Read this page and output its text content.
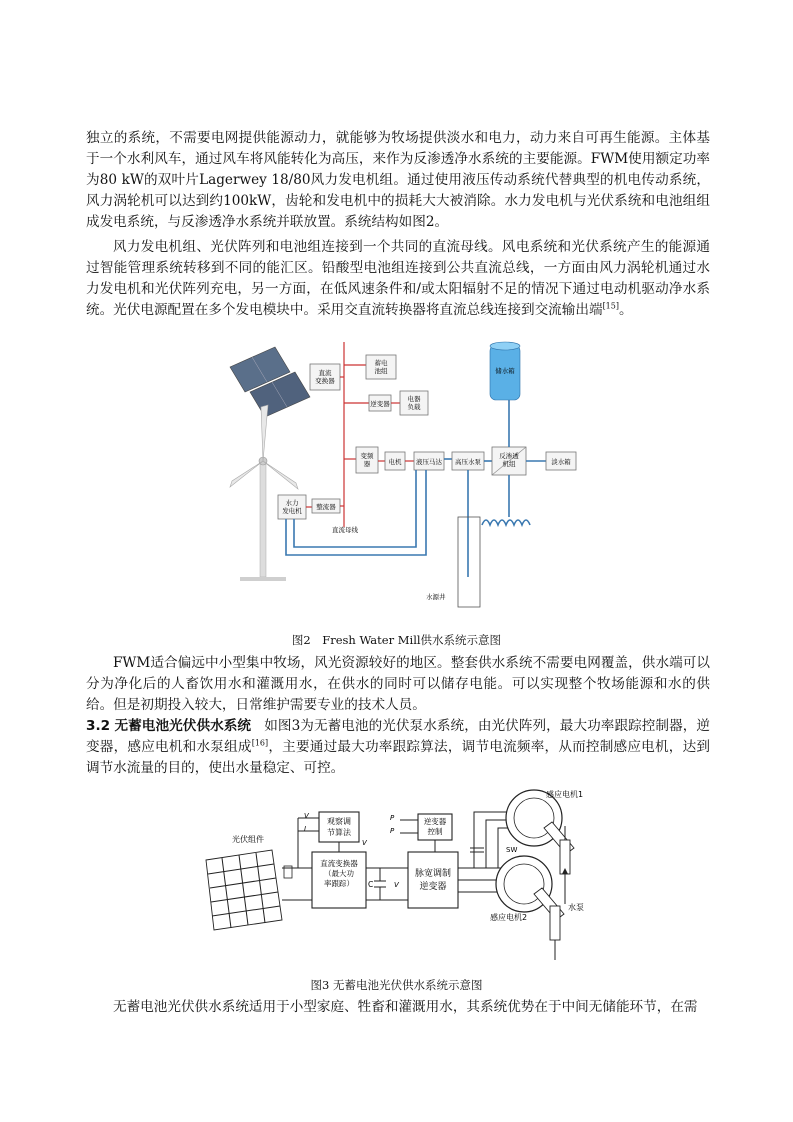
独立的系统，不需要电网提供能源动力，就能够为牧场提供淡水和电力，动力来自可再生能源。主体基于一个水利风车，通过风车将风能转化为高压，来作为反渗透净水系统的主要能源。FWM使用额定功率为80 kW的双叶片Lagerwey 18/80风力发电机组。通过使用液压传动系统代替典型的机电传动系统，风力涡轮机可以达到约100kW，齿轮和发电机中的损耗大大被消除。水力发电机与光伏系统和电池组组成发电系统，与反渗透净水系统并联放置。系统结构如图2。

风力发电机组、光伏阵列和电池组连接到一个共同的直流母线。风电系统和光伏系统产生的能源通过智能管理系统转移到不同的能汇区。铅酸型电池组连接到公共直流总线，一方面由风力涡轮机通过水力发电机和光伏阵列充电，另一方面，在低风速条件和/或太阳辐射不足的情况下通过电动机驱动净水系统。光伏电源配置在多个发电模块中。采用交直流转换器将直流总线连接到交流输出端[15]。

直流变换器
蓄电池组
逆变器
电器负载
变频器	电机 液压马达 高压水泵
反渗透机组	淡水箱
储水箱
水力发电机 整流器
直流母线
水源井
图2　Fresh Water Mill供水系统示意图

FWM适合偏远中小型集中牧场，风光资源较好的地区。整套供水系统不需要电网覆盖，供水端可以分为净化后的人畜饮用水和灌溉用水，在供水的同时可以储存电能。可以实现整个牧场能源和水的供给。但是初期投入较大，日常维护需要专业的技术人员。

3.2 无蓄电池光伏供水系统 如图3为无蓄电池的光伏泵水系统，由光伏阵列，最大功率跟踪控制器，逆变器，感应电机和水泵组成[16]，主要通过最大功率跟踪算法，调节电流频率，从而控制感应电机，达到调节水流量的目的，使出水量稳定、可控。

光伏组件
观察调节算法
V
I
V
直流变换器（最大功率跟踪）	C	V
脉宽调制逆变器
逆变器控制
P
P
SW
感应电机1
感应电机2
水泵
图3 无蓄电池光伏供水系统示意图

无蓄电池光伏供水系统适用于小型家庭、牲畜和灌溉用水，其系统优势在于中间无储能环节，在需
